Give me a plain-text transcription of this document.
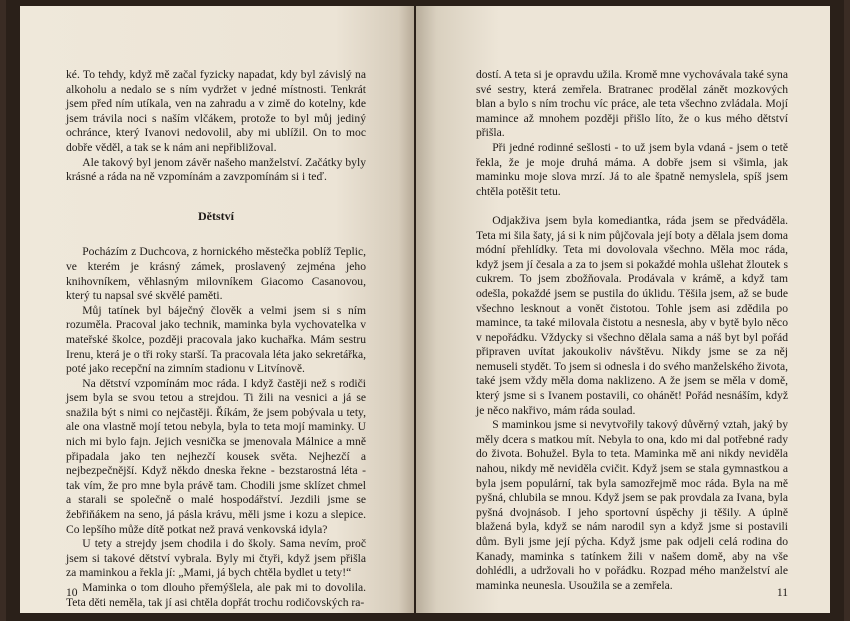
ké. To tehdy, když mě začal fyzicky napadat, kdy byl závislý na alkoholu a nedalo se s ním vydržet v jedné místnosti. Tenkrát jsem před ním utíkala, ven na zahradu a v zimě do kotelny, kde jsem trávila noci s naším vlčákem, protože to byl můj jediný ochránce, který Ivanovi nedovolil, aby mi ublížil. On to moc dobře věděl, a tak se k nám ani nepřibližoval.

Ale takový byl jenom závěr našeho manželství. Začátky byly krásné a ráda na ně vzpomínám a zavzpomínám si i teď.

Dětství

Pocházím z Duchcova, z hornického městečka poblíž Teplic, ve kterém je krásný zámek, proslavený zejména jeho knihovníkem, věhlasným milovníkem Giacomo Casanovou, který tu napsal své skvělé paměti.

Můj tatínek byl báječný člověk a velmi jsem si s ním rozuměla. Pracoval jako technik, maminka byla vychovatelka v mateřské školce, později pracovala jako kuchařka. Mám sestru Irenu, která je o tři roky starší. Ta pracovala léta jako sekretářka, poté jako recepční na zimním stadionu v Litvínově.

Na dětství vzpomínám moc ráda. I když častěji než s rodiči jsem byla se svou tetou a strejdou. Ti žili na vesnici a já se snažila být s nimi co nejčastěji. Říkám, že jsem pobývala u tety, ale ona vlastně mojí tetou nebyla, byla to teta mojí maminky. U nich mi bylo fajn. Jejich vesnička se jmenovala Málnice a mně připadala jako ten nejhezčí kousek světa. Nejhezčí a nejbezpečnější. Když někdo dneska řekne - bezstarostná léta - tak vím, že pro mne byla právě tam. Chodili jsme sklízet chmel a starali se společně o malé hospodářství. Jezdili jsme se žebřiňákem na seno, já pásla krávu, měli jsme i kozu a slepice. Co lepšího může dítě potkat než pravá venkovská idyla?

U tety a strejdy jsem chodila i do školy. Sama nevím, proč jsem si takové dětství vybrala. Byly mi čtyři, když jsem přišla za maminkou a řekla jí: „Mami, já bych chtěla bydlet u tety!“

Maminka o tom dlouho přemýšlela, ale pak mi to dovolila. Teta děti neměla, tak jí asi chtěla dopřát trochu rodičovských ra-

10

dostí. A teta si je opravdu užila. Kromě mne vychovávala také syna své sestry, která zemřela. Bratranec prodělal zánět mozkových blan a bylo s ním trochu víc práce, ale teta všechno zvládala. Mojí mamince až mnohem později přišlo líto, že o kus mého dětství přišla.

Při jedné rodinné sešlosti - to už jsem byla vdaná - jsem o tetě řekla, že je moje druhá máma. A dobře jsem si všimla, jak maminku moje slova mrzí. Já to ale špatně nemyslela, spíš jsem chtěla potěšit tetu.

Odjakživa jsem byla komediantka, ráda jsem se předváděla. Teta mi šila šaty, já si k nim půjčovala její boty a dělala jsem doma módní přehlídky. Teta mi dovolovala všechno. Měla moc ráda, když jsem jí česala a za to jsem si pokaždé mohla ušlehat žloutek s cukrem. To jsem zbožňovala. Prodávala v krámě, a když tam odešla, pokaždé jsem se pustila do úklidu. Těšila jsem, až se bude všechno lesknout a vonět čistotou. Tohle jsem asi zdědila po mamince, ta také milovala čistotu a nesnesla, aby v bytě bylo něco v nepořádku. Vždycky si všechno dělala sama a náš byt byl pořád připraven uvítat jakoukoliv návštěvu. Nikdy jsme se za něj nemuseli stydět. To jsem si odnesla i do svého manželského života, také jsem vždy měla doma naklizeno. A že jsem se měla v domě, který jsme si s Ivanem postavili, co ohánět! Pořád nesnáším, když je něco nakřivo, mám ráda soulad.

S maminkou jsme si nevytvořily takový důvěrný vztah, jaký by měly dcera s matkou mít. Nebyla to ona, kdo mi dal potřebné rady do života. Bohužel. Byla to teta. Maminka mě ani nikdy neviděla nahou, nikdy mě neviděla cvičit. Když jsem se stala gymnastkou a byla jsem populární, tak byla samozřejmě moc ráda. Byla na mě pyšná, chlubila se mnou. Když jsem se pak provdala za Ivana, byla pyšná dvojnásob. I jeho sportovní úspěchy ji těšily. A úplně blažená byla, když se nám narodil syn a když jsme si postavili dům. Byli jsme její pýcha. Když jsme pak odjeli celá rodina do Kanady, maminka s tatínkem žili v našem domě, aby na vše dohlédli, a udržovali ho v pořádku. Rozpad mého manželství ale maminka neunesla. Usoužila se a zemřela.

11
